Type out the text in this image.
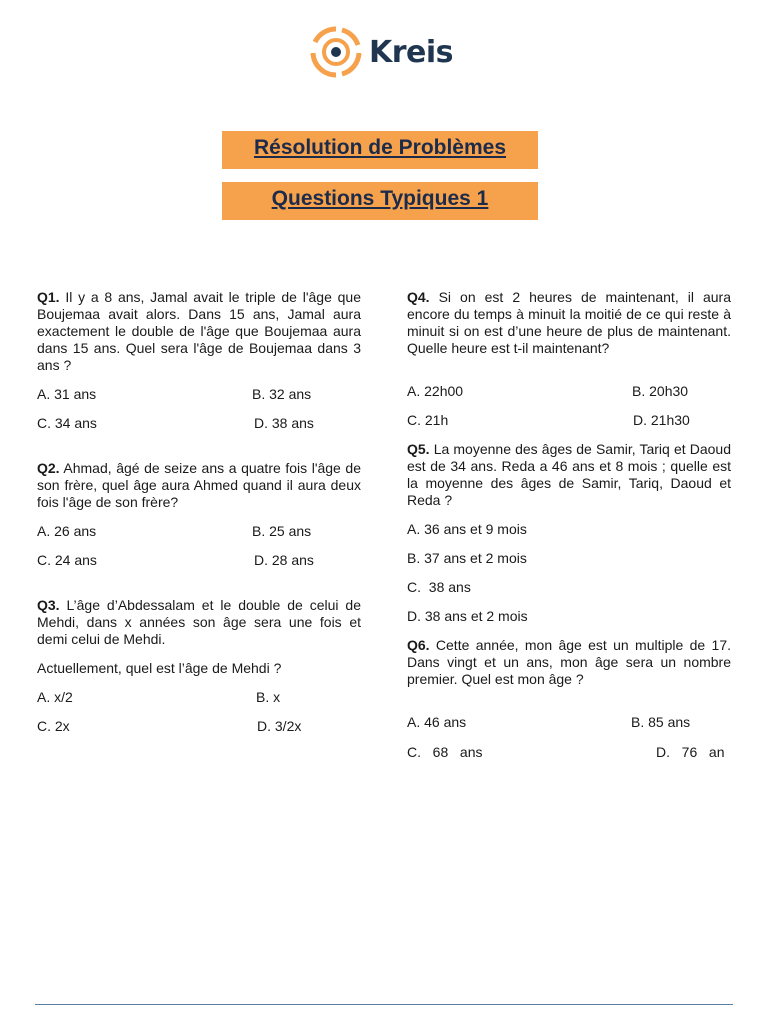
Kreis
Résolution de Problèmes
Questions Typiques 1

Q1. Il y a 8 ans, Jamal avait le triple de l'âge que Boujemaa avait alors. Dans 15 ans, Jamal aura exactement le double de l'âge que Boujemaa aura dans 15 ans. Quel sera l'âge de Boujemaa dans 3 ans ?

A. 31 ans	B. 32 ans
C. 34 ans	D. 38 ans

Q2. Ahmad, âgé de seize ans a quatre fois l'âge de son frère, quel âge aura Ahmed quand il aura deux fois l'âge de son frère?

A. 26 ans	B. 25 ans
C. 24 ans	D. 28 ans

Q3. L’âge d’Abdessalam et le double de celui de Mehdi, dans x années son âge sera une fois et demi celui de Mehdi.

Actuellement, quel est l’âge de Mehdi ?

A. x/2	B. x
C. 2x	D. 3/2x

Q4. Si on est 2 heures de maintenant, il aura encore du temps à minuit la moitié de ce qui reste à minuit si on est d’une heure de plus de maintenant. Quelle heure est t-il maintenant?

A. 22h00	B. 20h30
C. 21h	D. 21h30

Q5. La moyenne des âges de Samir, Tariq et Daoud est de 34 ans. Reda a 46 ans et 8 mois ; quelle est la moyenne des âges de Samir, Tariq, Daoud et Reda ?

A. 36 ans et 9 mois
B. 37 ans et 2 mois
C.  38 ans
D. 38 ans et 2 mois

Q6. Cette année, mon âge est un multiple de 17. Dans vingt et un ans, mon âge sera un nombre premier. Quel est mon âge ?

A. 46 ans	B. 85 ans
C.   68   ans	D.   76   an
